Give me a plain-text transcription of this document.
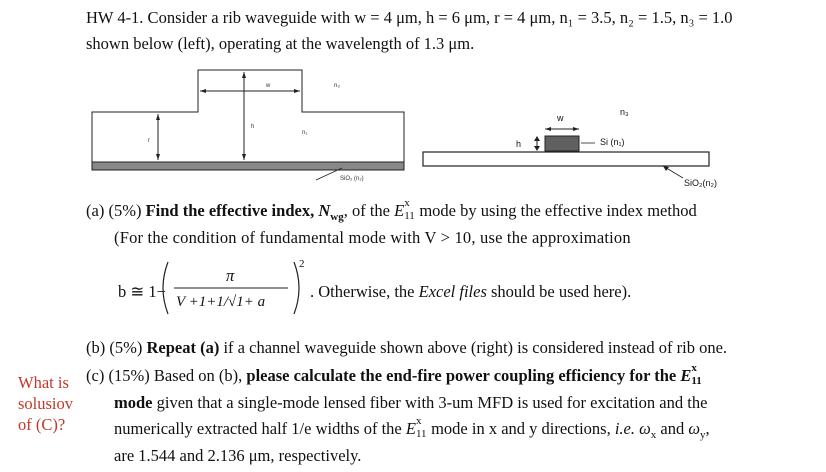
HW 4-1. Consider a rib waveguide with w = 4 μm, h = 6 μm, r = 4 μm, n₁ = 3.5, n₂ = 1.5, n₃ = 1.0
shown below (left), operating at the wavelength of 1.3 μm.
w	n₃
h
r
n₁
SiO₂ (n₂)
w
n₃
h	Si (n₁)
SiO₂(n₂)
(a) (5%) Find the effective index, $N_{wg}$, of the E x
11 mode by using the effective index method
(For the condition of fundamental mode with V > 10, use the approximation
b ≅ 1−
π
V +1+1/√1+ a
2
. Otherwise, the Excel files should be used here).
(b) (5%) Repeat (a) if a channel waveguide shown above (right) is considered instead of rib one.
What is
solusiov
of (C)?
(c) (15%) Based on (b), please calculate the end-fire power coupling efficiency for the E x
11
mode given that a single-mode lensed fiber with 3-um MFD is used for excitation and the
numerically extracted half 1/e widths of the E x
11 mode in x and y directions, i.e. $\omega_x$ and $\omega_y$,
are 1.544 and 2.136 μm, respectively.
